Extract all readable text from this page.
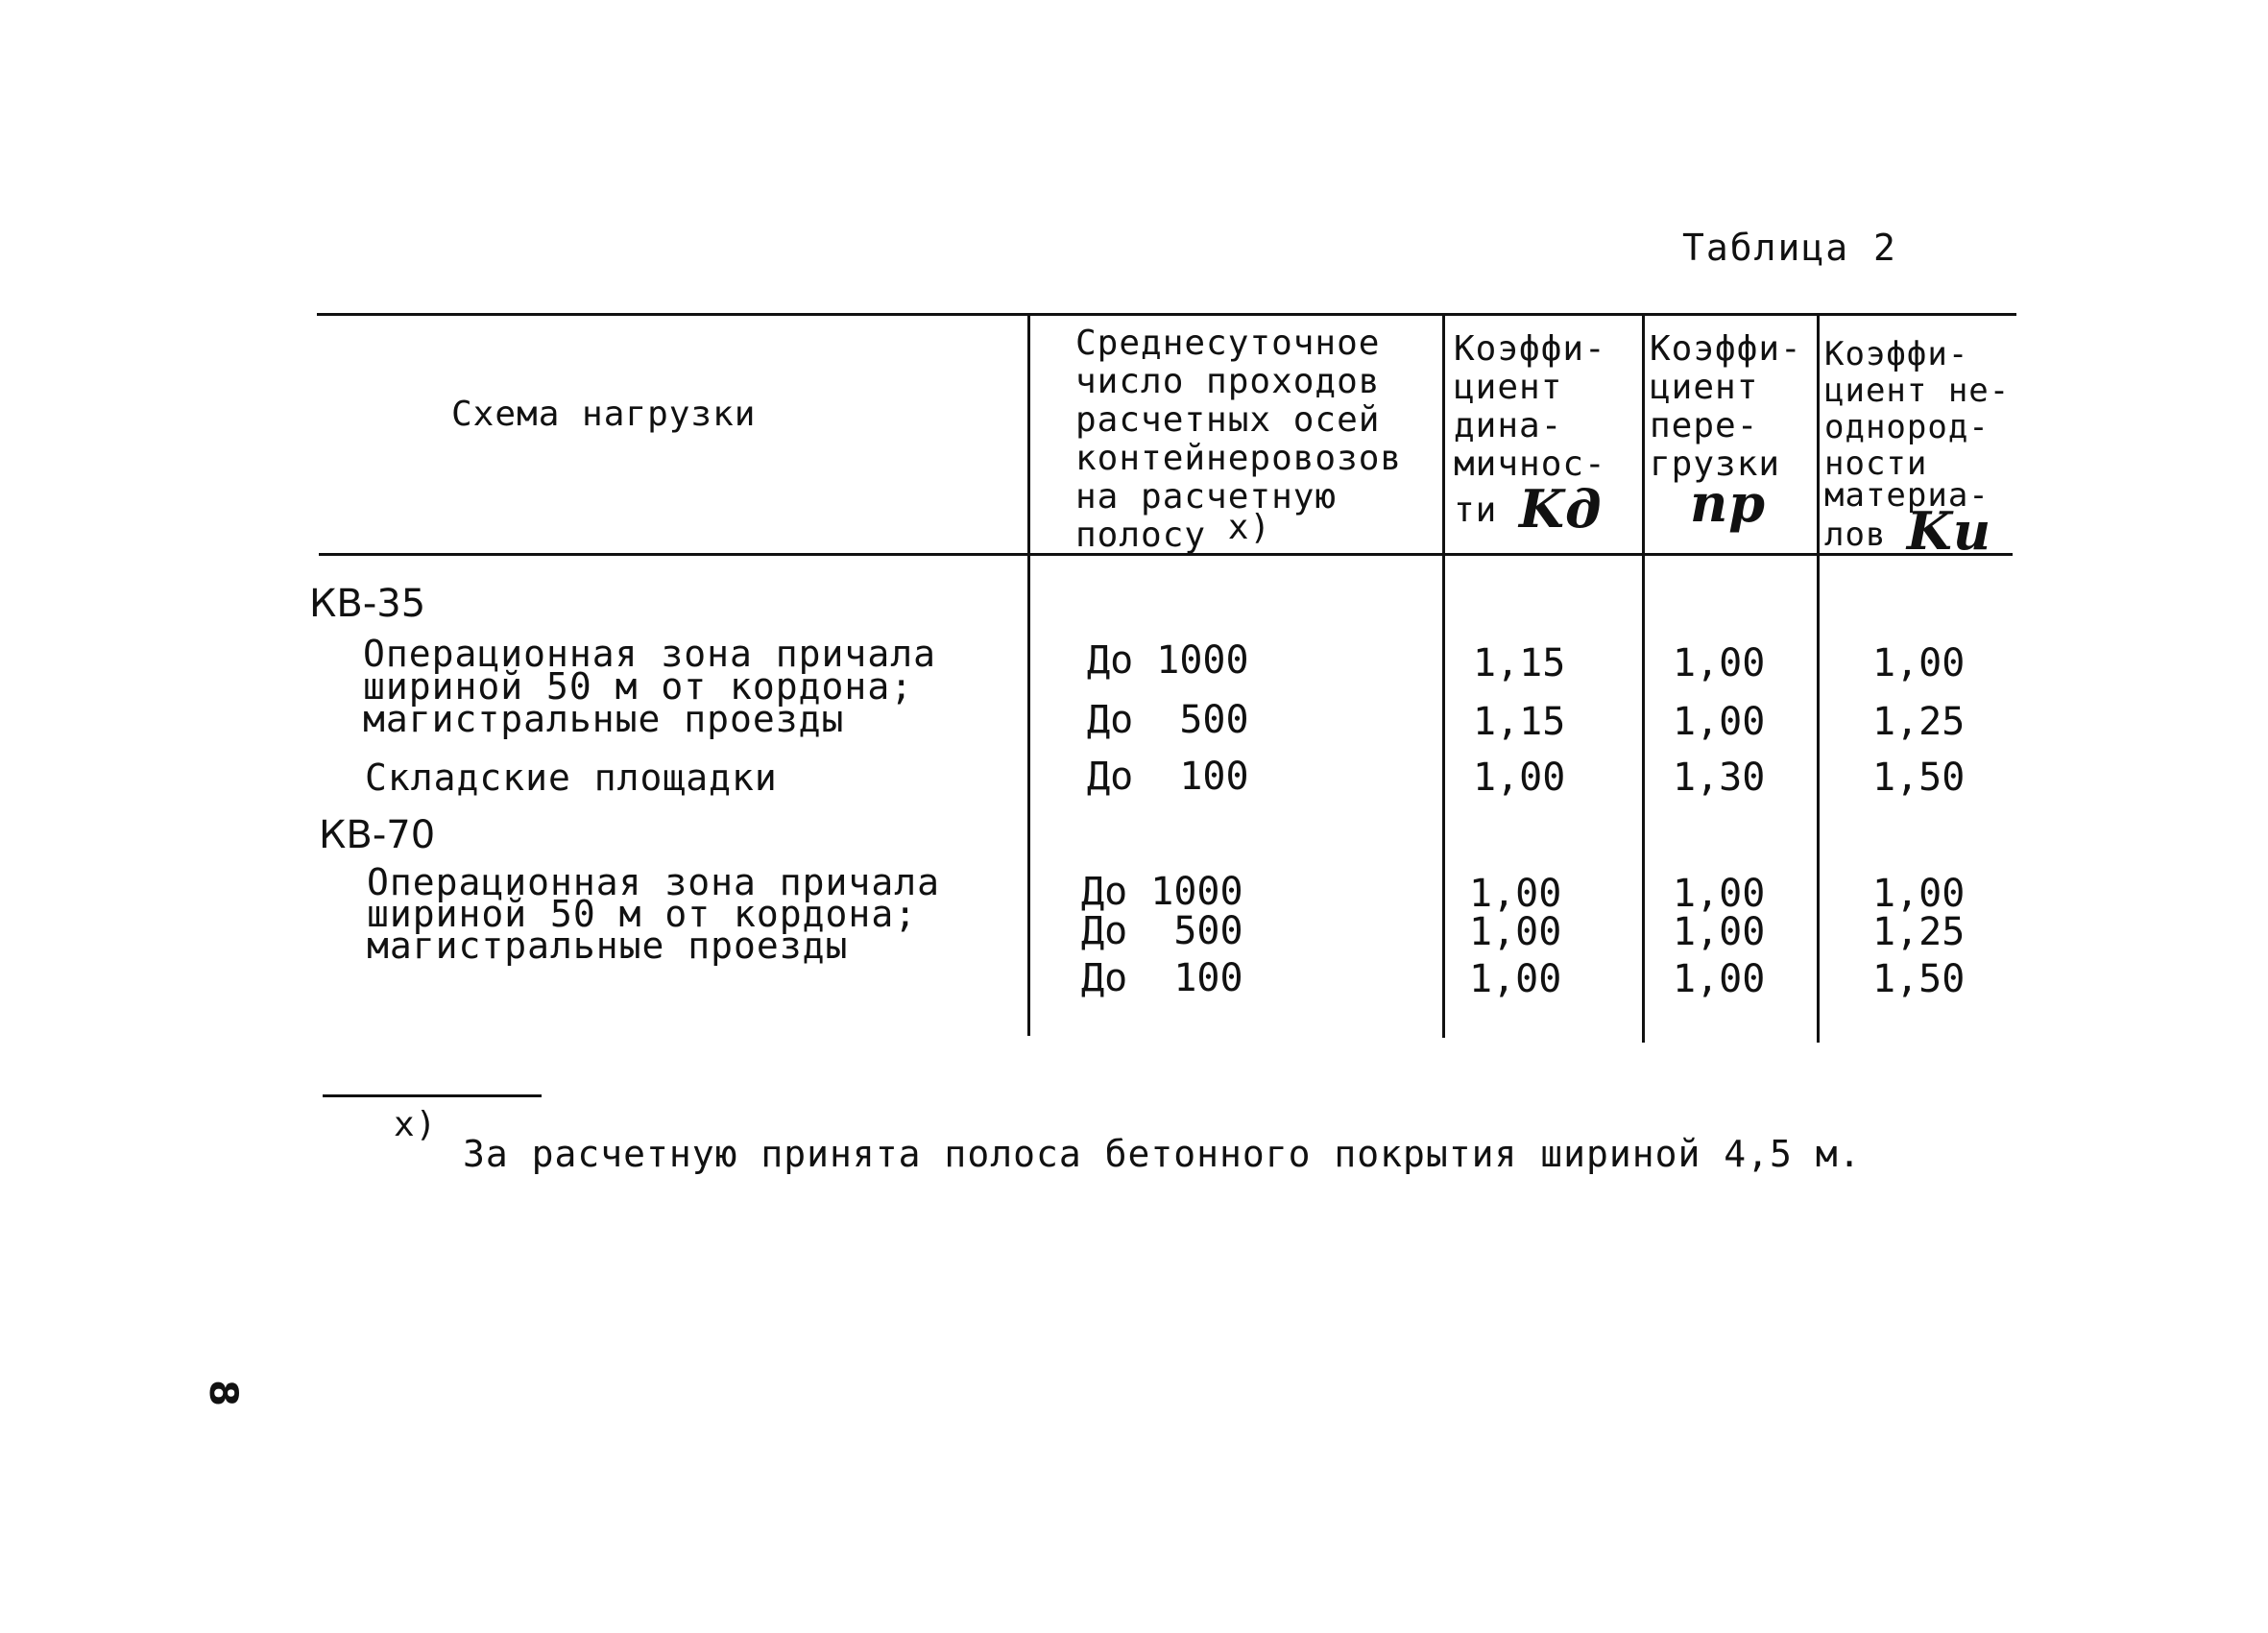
Таблица 2
Схема нагрузки
Среднесуточное
число проходов
расчетных осей
контейнеровозов
на расчетную
полосу x)
Коэффи-
циент
дина-
мичнос-
ти Kд
Коэффи-
циент
пере-
грузки
np
Коэффи-
циент не-
однород-
ности
материа-
лов Kи
КВ-35
Операционная зона причала
шириной 50 м от кордона;
магистральные проезды
Складские площадки
До 1000
До  500
До  100
1,15
1,15
1,00
1,00
1,00
1,30
1,00
1,25
1,50
КВ-70
Операционная зона причала
шириной 50 м от кордона;
магистральные проезды
До 1000
До  500
До  100
1,00
1,00
1,00
1,00
1,00
1,00
1,00
1,25
1,50
x)
За расчетную принята полоса бетонного покрытия шириной 4,5 м.
8
